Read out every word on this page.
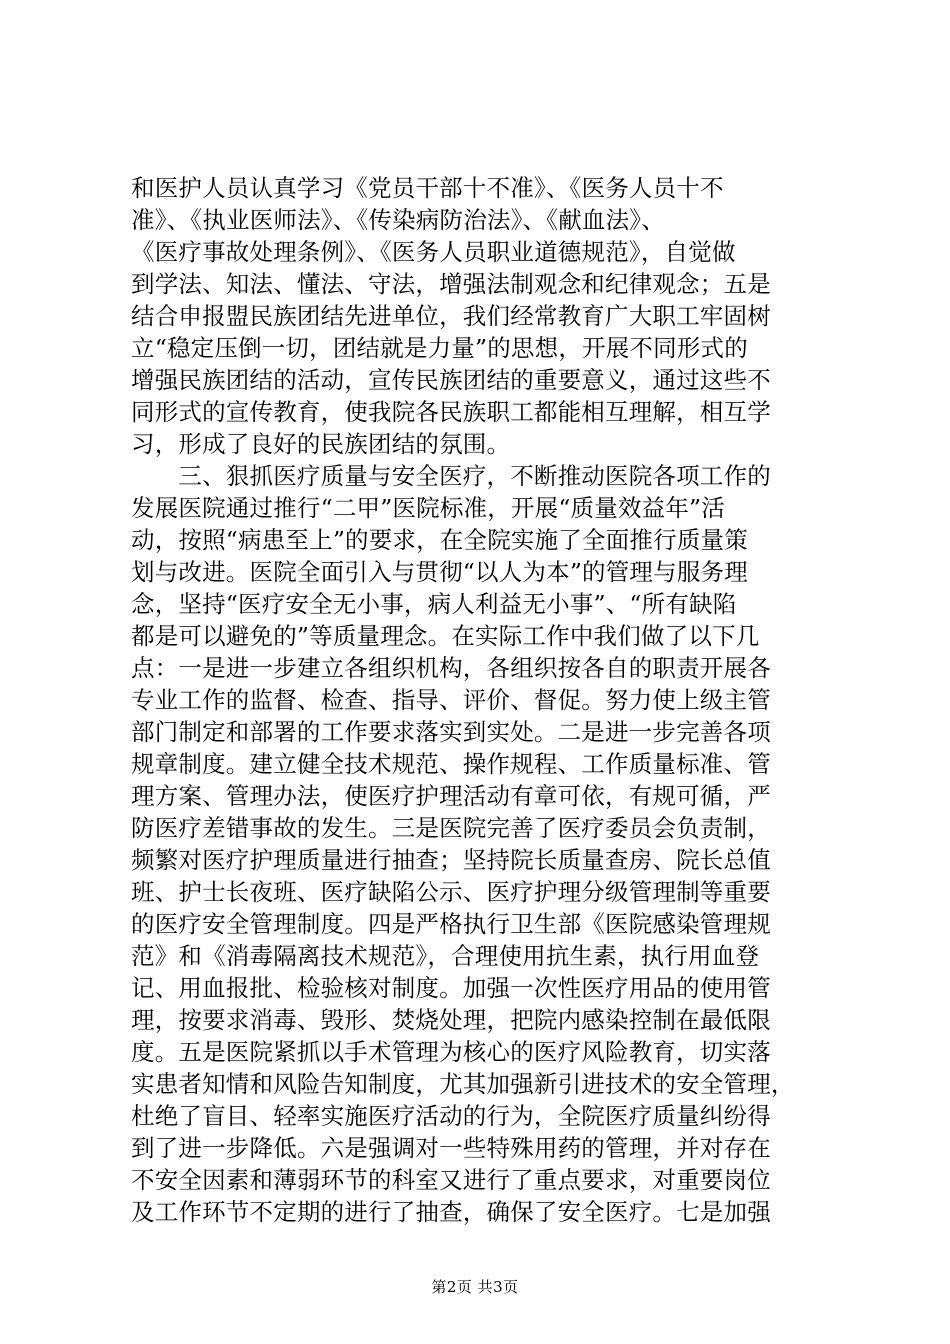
和医护人员认真学习《党员干部十不准》、《医务人员十不
准》、《执业医师法》、《传染病防治法》、《献血法》、
《医疗事故处理条例》、《医务人员职业道德规范》，自觉做
到学法、知法、懂法、守法，增强法制观念和纪律观念；五是
结合申报盟民族团结先进单位，我们经常教育广大职工牢固树
立“稳定压倒一切，团结就是力量”的思想，开展不同形式的
增强民族团结的活动，宣传民族团结的重要意义，通过这些不
同形式的宣传教育，使我院各民族职工都能相互理解，相互学
习，形成了良好的民族团结的氛围。
　　三、狠抓医疗质量与安全医疗，不断推动医院各项工作的
发展医院通过推行“二甲”医院标准，开展“质量效益年”活
动，按照“病患至上”的要求，在全院实施了全面推行质量策
划与改进。医院全面引入与贯彻“以人为本”的管理与服务理
念，坚持“医疗安全无小事，病人利益无小事”、“所有缺陷
都是可以避免的”等质量理念。在实际工作中我们做了以下几
点：一是进一步建立各组织机构，各组织按各自的职责开展各
专业工作的监督、检查、指导、评价、督促。努力使上级主管
部门制定和部署的工作要求落实到实处。二是进一步完善各项
规章制度。建立健全技术规范、操作规程、工作质量标准、管
理方案、管理办法，使医疗护理活动有章可依，有规可循，严
防医疗差错事故的发生。三是医院完善了医疗委员会负责制，
频繁对医疗护理质量进行抽查；坚持院长质量查房、院长总值
班、护士长夜班、医疗缺陷公示、医疗护理分级管理制等重要
的医疗安全管理制度。四是严格执行卫生部《医院感染管理规
范》和《消毒隔离技术规范》，合理使用抗生素，执行用血登
记、用血报批、检验核对制度。加强一次性医疗用品的使用管
理，按要求消毒、毁形、焚烧处理，把院内感染控制在最低限
度。五是医院紧抓以手术管理为核心的医疗风险教育，切实落
实患者知情和风险告知制度，尤其加强新引进技术的安全管理，
杜绝了盲目、轻率实施医疗活动的行为，全院医疗质量纠纷得
到了进一步降低。六是强调对一些特殊用药的管理，并对存在
不安全因素和薄弱环节的科室又进行了重点要求，对重要岗位
及工作环节不定期的进行了抽查，确保了安全医疗。七是加强
第2页 共3页
